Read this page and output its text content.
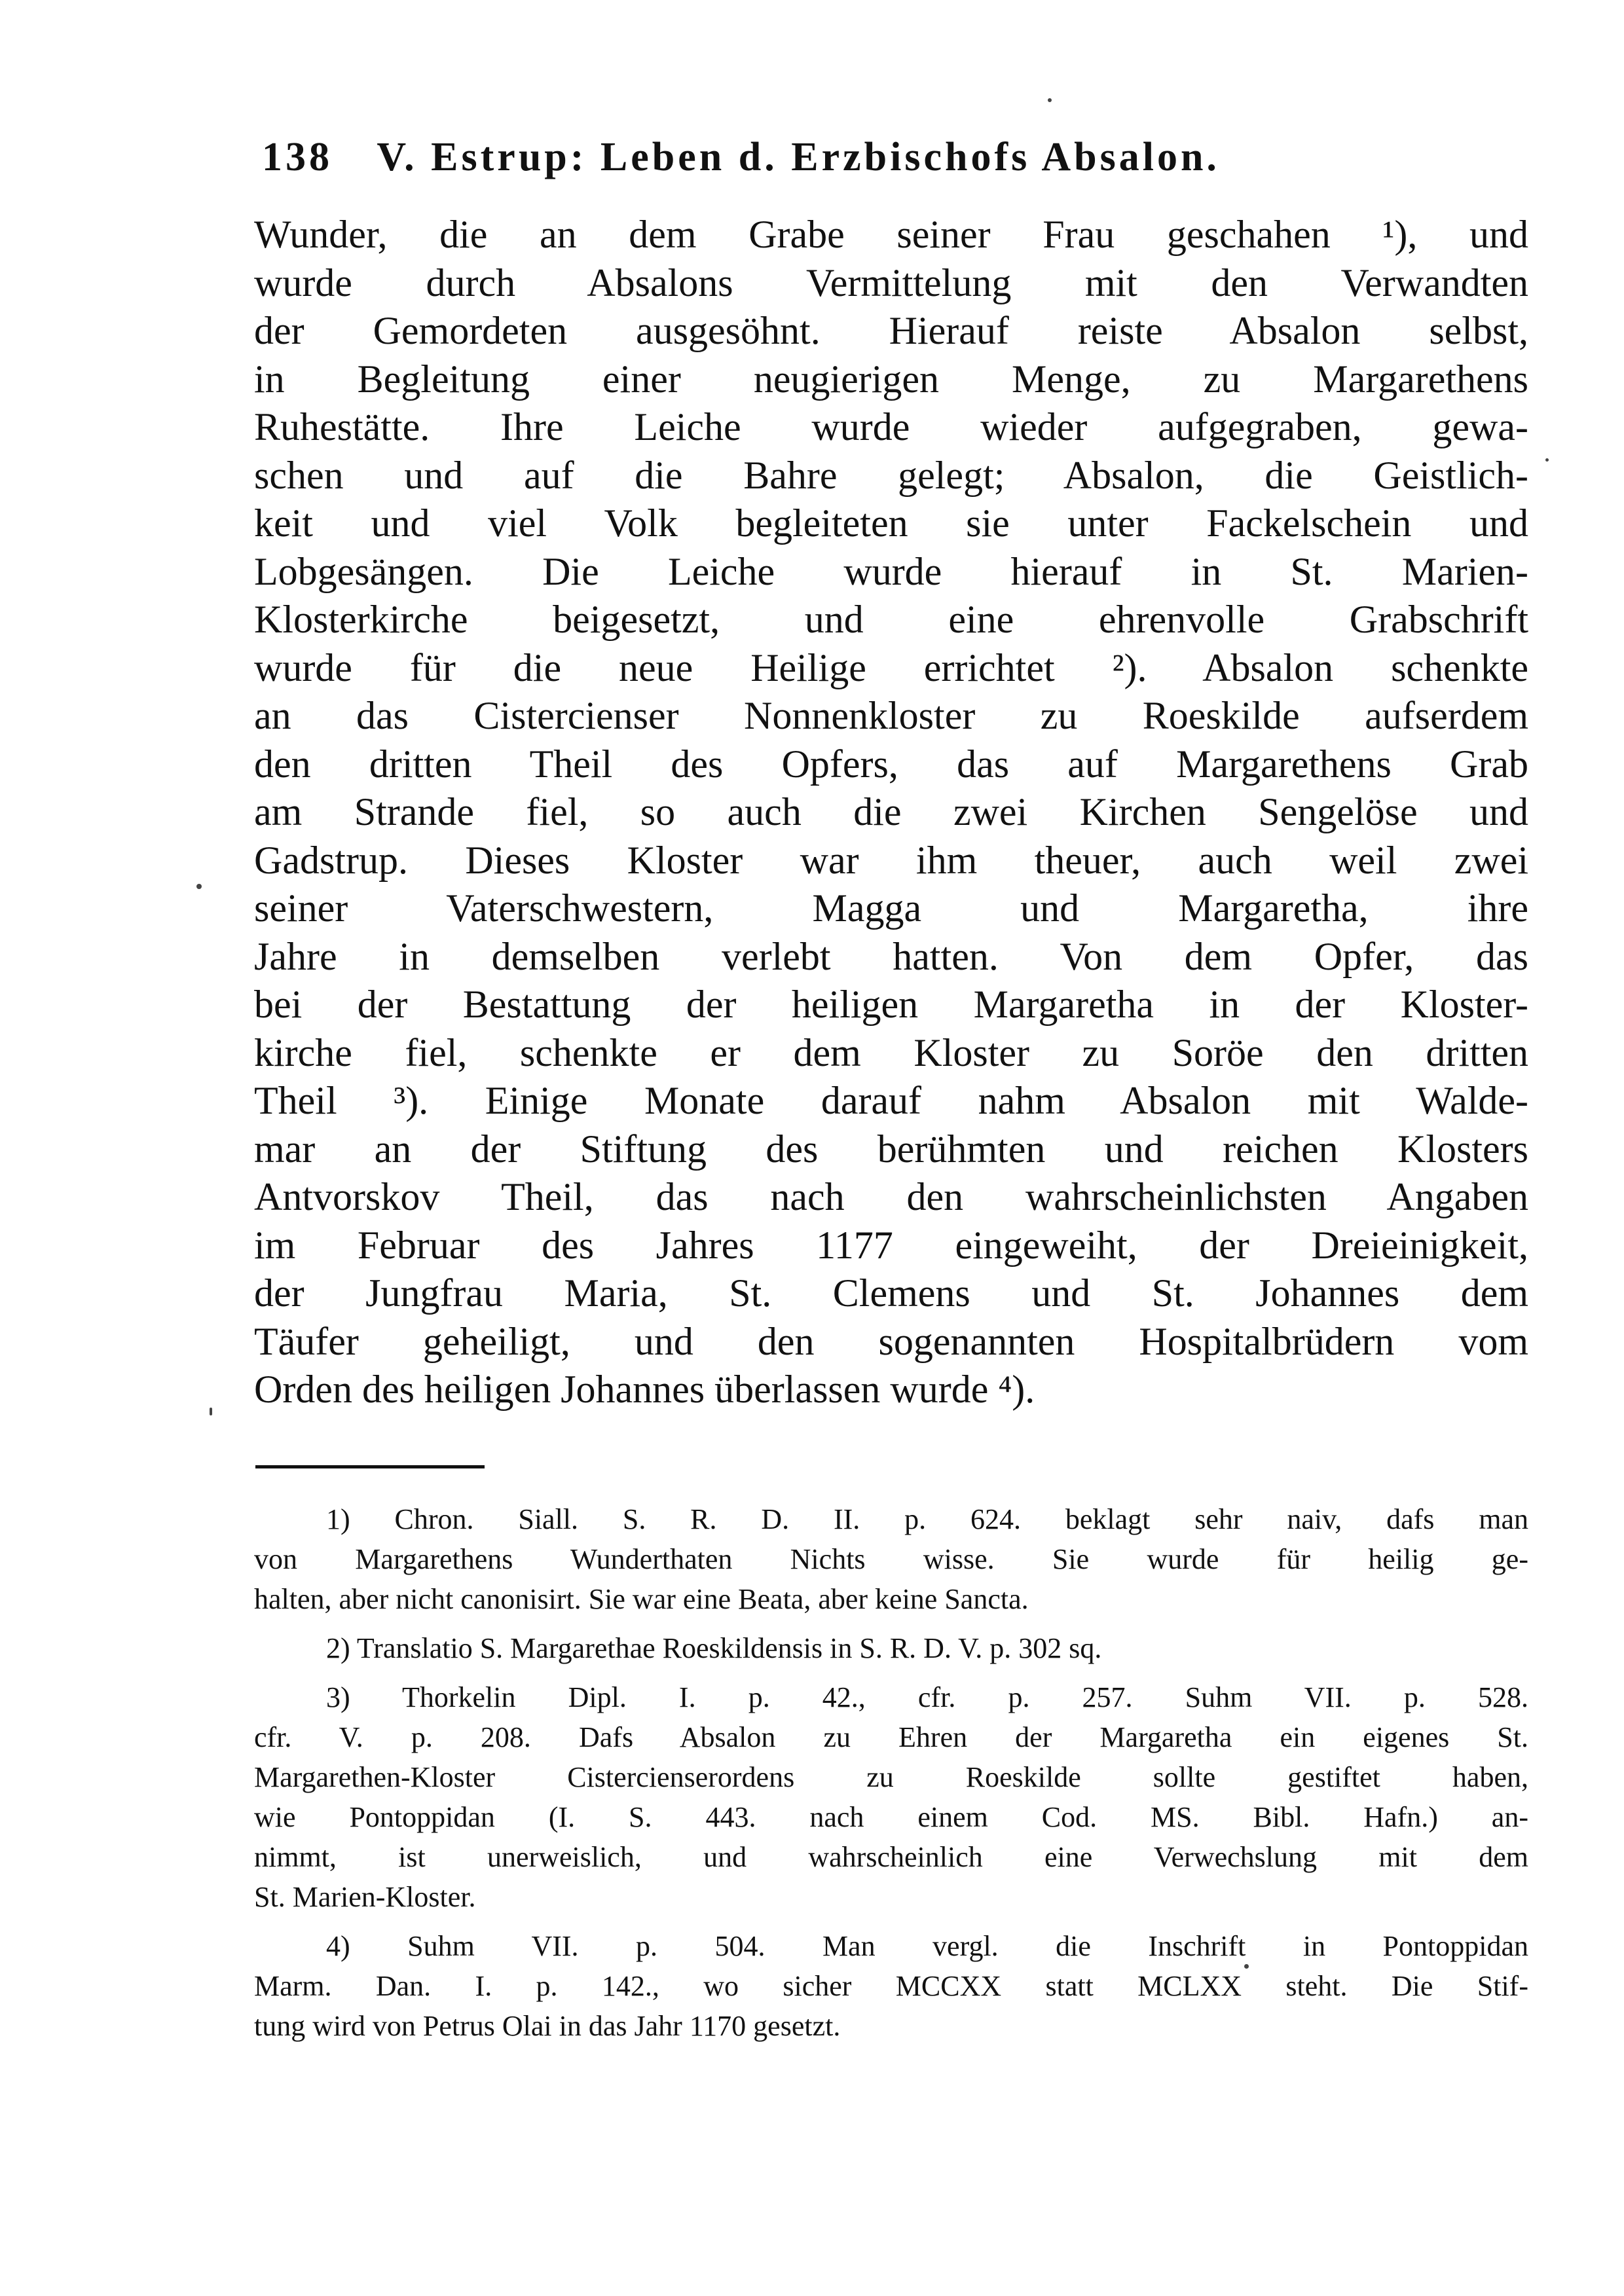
138 V. Estrup: Leben d. Erzbischofs Absalon.
Wunder, die an dem Grabe seiner Frau geschahen ¹), und
wurde durch Absalons Vermittelung mit den Verwandten
der Gemordeten ausgesöhnt. Hierauf reiste Absalon selbst,
in Begleitung einer neugierigen Menge, zu Margarethens
Ruhestätte. Ihre Leiche wurde wieder aufgegraben, gewa-
schen und auf die Bahre gelegt; Absalon, die Geistlich-
keit und viel Volk begleiteten sie unter Fackelschein und
Lobgesängen. Die Leiche wurde hierauf in St. Marien-
Klosterkirche beigesetzt, und eine ehrenvolle Grabschrift
wurde für die neue Heilige errichtet ²). Absalon schenkte
an das Cistercienser Nonnenkloster zu Roeskilde aufserdem
den dritten Theil des Opfers, das auf Margarethens Grab
am Strande fiel, so auch die zwei Kirchen Sengelöse und
Gadstrup. Dieses Kloster war ihm theuer, auch weil zwei
seiner Vaterschwestern, Magga und Margaretha, ihre
Jahre in demselben verlebt hatten. Von dem Opfer, das
bei der Bestattung der heiligen Margaretha in der Kloster-
kirche fiel, schenkte er dem Kloster zu Soröe den dritten
Theil ³). Einige Monate darauf nahm Absalon mit Walde-
mar an der Stiftung des berühmten und reichen Klosters
Antvorskov Theil, das nach den wahrscheinlichsten Angaben
im Februar des Jahres 1177 eingeweiht, der Dreieinigkeit,
der Jungfrau Maria, St. Clemens und St. Johannes dem
Täufer geheiligt, und den sogenannten Hospitalbrüdern vom
Orden des heiligen Johannes überlassen wurde ⁴).
1) Chron. Siall. S. R. D. II. p. 624. beklagt sehr naiv, dafs man
von Margarethens Wunderthaten Nichts wisse. Sie wurde für heilig ge-
halten, aber nicht canonisirt. Sie war eine Beata, aber keine Sancta.
2) Translatio S. Margarethae Roeskildensis in S. R. D. V. p. 302 sq.
3) Thorkelin Dipl. I. p. 42., cfr. p. 257. Suhm VII. p. 528.
cfr. V. p. 208. Dafs Absalon zu Ehren der Margaretha ein eigenes St.
Margarethen-Kloster Cistercienserordens zu Roeskilde sollte gestiftet haben,
wie Pontoppidan (I. S. 443. nach einem Cod. MS. Bibl. Hafn.) an-
nimmt, ist unerweislich, und wahrscheinlich eine Verwechslung mit dem
St. Marien-Kloster.
4) Suhm VII. p. 504. Man vergl. die Inschrift in Pontoppidan
Marm. Dan. I. p. 142., wo sicher MCCXX statt MCLXX steht. Die Stif-
tung wird von Petrus Olai in das Jahr 1170 gesetzt.
